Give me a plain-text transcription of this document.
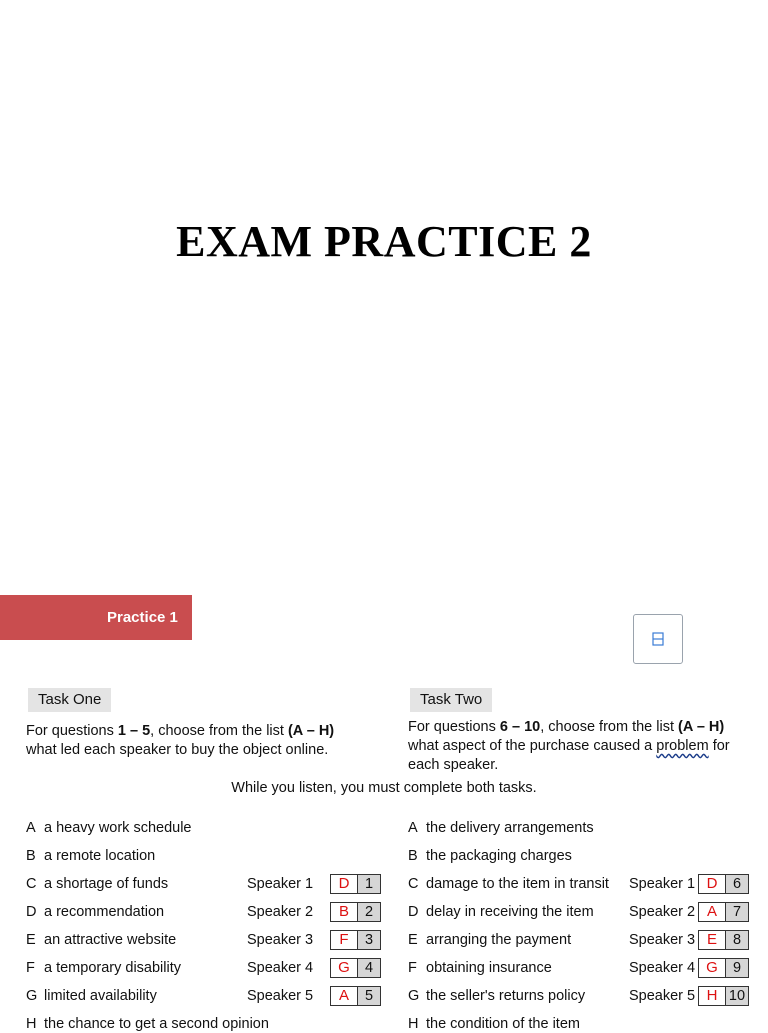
EXAM PRACTICE 2
Practice 1
Task One
For questions 1 – 5, choose from the list (A – H)
what led each speaker to buy the object online.
Task Two
For questions 6 – 10, choose from the list (A – H)
what aspect of the purchase caused a problem for
each speaker.
While you listen, you must complete both tasks.
A a heavy work schedule
B a remote location
C a shortage of funds
D a recommendation
E an attractive website
F a temporary disability
G limited availability
H the chance to get a second opinion
Speaker 1	D	1
Speaker 2	B	2
Speaker 3	F	3
Speaker 4	G	4
Speaker 5	A	5
A the delivery arrangements
B the packaging charges
C damage to the item in transit
D delay in receiving the item
E arranging the payment
F obtaining insurance
G the seller's returns policy
H the condition of the item
Speaker 1 D	6
Speaker 2 A	7
Speaker 3 E	8
Speaker 4 G	9
Speaker 5 H 10
